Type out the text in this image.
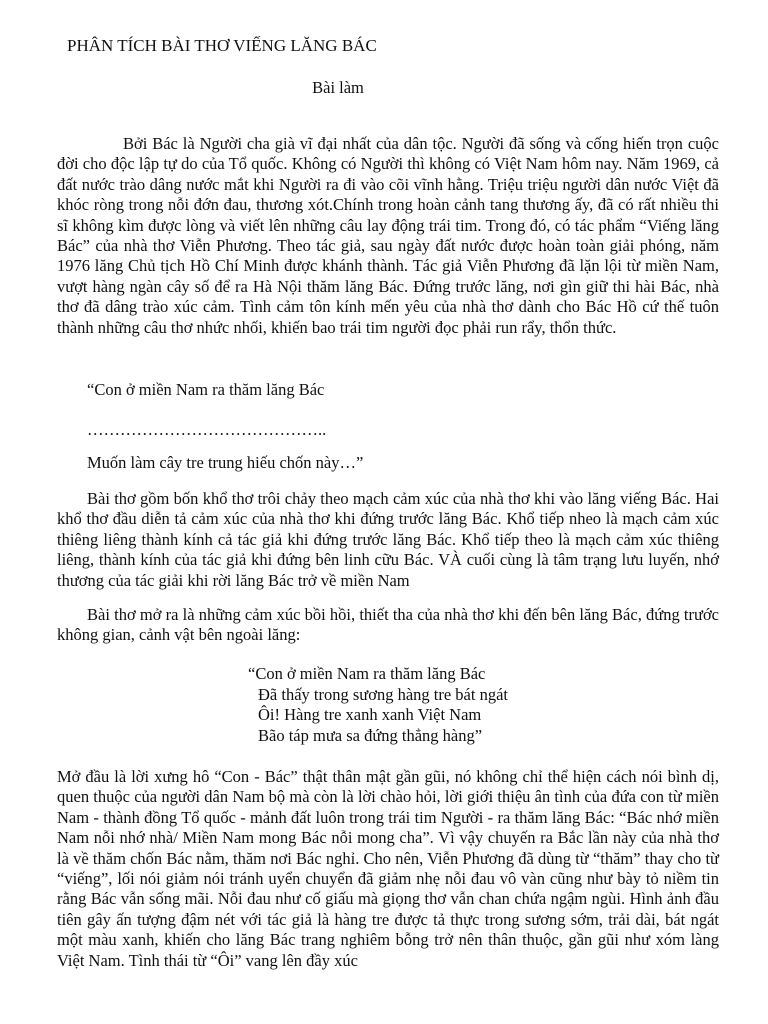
PHÂN TÍCH BÀI THƠ VIẾNG LĂNG BÁC
Bài làm

Bởi Bác là Người cha già vĩ đại nhất của dân tộc. Người đã sống và cống hiến trọn cuộc đời cho độc lập tự do của Tổ quốc. Không có Người thì không có Việt Nam hôm nay. Năm 1969, cả đất nước trào dâng nước mắt khi Người ra đi vào cõi vĩnh hằng. Triệu triệu người dân nước Việt đã khóc ròng trong nỗi đớn đau, thương xót.Chính trong hoàn cảnh tang thương ấy, đã có rất nhiều thi sĩ không kìm được lòng và viết lên những câu lay động trái tim. Trong đó, có tác phẩm “Viếng lăng Bác” của nhà thơ Viễn Phương. Theo tác giả, sau ngày đất nước được hoàn toàn giải phóng, năm 1976 lăng Chủ tịch Hồ Chí Minh được khánh thành. Tác giả Viễn Phương đã lặn lội từ miền Nam, vượt hàng ngàn cây số để ra Hà Nội thăm lăng Bác. Đứng trước lăng, nơi gìn giữ thi hài Bác, nhà thơ đã dâng trào xúc cảm. Tình cảm tôn kính mến yêu của nhà thơ dành cho Bác Hồ cứ thế tuôn thành những câu thơ nhức nhối, khiến bao trái tim người đọc phải run rẩy, thổn thức.

“Con ở miền Nam ra thăm lăng Bác
……………………………………..
Muốn làm cây tre trung hiếu chốn này…”

Bài thơ gồm bốn khổ thơ trôi chảy theo mạch cảm xúc của nhà thơ khi vào lăng viếng Bác. Hai khổ thơ đầu diễn tả cảm xúc của nhà thơ khi đứng trước lăng Bác. Khổ tiếp nheo là mạch cảm xúc thiêng liêng thành kính cả tác giả khi đứng trước lăng Bác. Khổ tiếp theo là mạch cảm xúc thiêng liêng, thành kính của tác giả khi đứng bên linh cữu Bác. VÀ cuối cùng là tâm trạng lưu luyến, nhớ thương của tác giải khi rời lăng Bác trở về miền Nam

Bài thơ mở ra là những cảm xúc bồi hồi, thiết tha của nhà thơ khi đến bên lăng Bác, đứng trước không gian, cảnh vật bên ngoài lăng:

“Con ở miền Nam ra thăm lăng Bác
Đã thấy trong sương hàng tre bát ngát
Ôi! Hàng tre xanh xanh Việt Nam
Bão táp mưa sa đứng thẳng hàng”

Mở đầu là lời xưng hô “Con - Bác” thật thân mật gần gũi, nó không chỉ thể hiện cách nói bình dị, quen thuộc của người dân Nam bộ mà còn là lời chào hỏi, lời giới thiệu ân tình của đứa con từ miền Nam - thành đồng Tổ quốc - mảnh đất luôn trong trái tim Người - ra thăm lăng Bác: “Bác nhớ miền Nam nỗi nhớ nhà/ Miền Nam mong Bác nỗi mong cha”. Vì vậy chuyến ra Bắc lần này của nhà thơ là về thăm chốn Bác nằm, thăm nơi Bác nghỉ. Cho nên, Viễn Phương đã dùng từ “thăm” thay cho từ “viếng”, lối nói giảm nói tránh uyển chuyển đã giảm nhẹ nỗi đau vô vàn cũng như bày tỏ niềm tin rằng Bác vẫn sống mãi. Nỗi đau như cố giấu mà giọng thơ vẫn chan chứa ngậm ngùi. Hình ảnh đầu tiên gây ấn tượng đậm nét với tác giả là hàng tre được tả thực trong sương sớm, trải dài, bát ngát một màu xanh, khiến cho lăng Bác trang nghiêm bỗng trở nên thân thuộc, gần gũi như xóm làng Việt Nam. Tình thái từ “Ôi” vang lên đầy xúc
